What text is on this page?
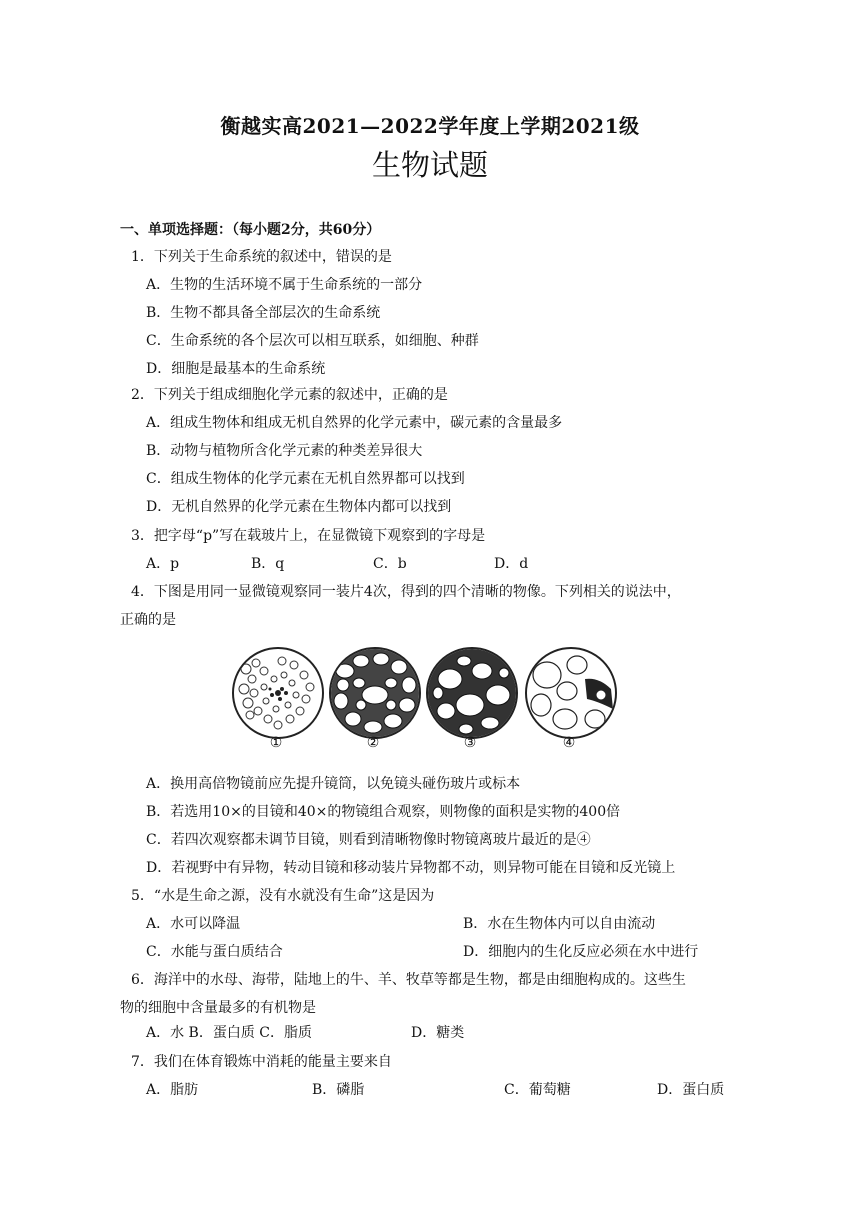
衡越实高2021—2022学年度上学期2021级
生物试题
一、单项选择题：（每小题2分，共60分）
1．下列关于生命系统的叙述中，错误的是
A．生物的生活环境不属于生命系统的一部分
B．生物不都具备全部层次的生命系统
C．生命系统的各个层次可以相互联系，如细胞、种群
D．细胞是最基本的生命系统
2．下列关于组成细胞化学元素的叙述中，正确的是
A．组成生物体和组成无机自然界的化学元素中，碳元素的含量最多
B．动物与植物所含化学元素的种类差异很大
C．组成生物体的化学元素在无机自然界都可以找到
D．无机自然界的化学元素在生物体内都可以找到
3．把字母“p”写在载玻片上，在显微镜下观察到的字母是
A．p	B．q	C．b	D．d
4．下图是用同一显微镜观察同一装片4次，得到的四个清晰的物像。下列相关的说法中，
正确的是
①	②	③	④
A．换用高倍物镜前应先提升镜筒，以免镜头碰伤玻片或标本
B．若选用10×的目镜和40×的物镜组合观察，则物像的面积是实物的400倍
C．若四次观察都未调节目镜，则看到清晰物像时物镜离玻片最近的是④
D．若视野中有异物，转动目镜和移动装片异物都不动，则异物可能在目镜和反光镜上
5．“水是生命之源，没有水就没有生命”这是因为
A．水可以降温	B．水在生物体内可以自由流动
C．水能与蛋白质结合	D．细胞内的生化反应必须在水中进行
6．海洋中的水母、海带，陆地上的牛、羊、牧草等都是生物，都是由细胞构成的。这些生
物的细胞中含量最多的有机物是
A．水 B．蛋白质 C．脂质	D．糖类
7．我们在体育锻炼中消耗的能量主要来自
A．脂肪	B．磷脂	C．葡萄糖	D．蛋白质
